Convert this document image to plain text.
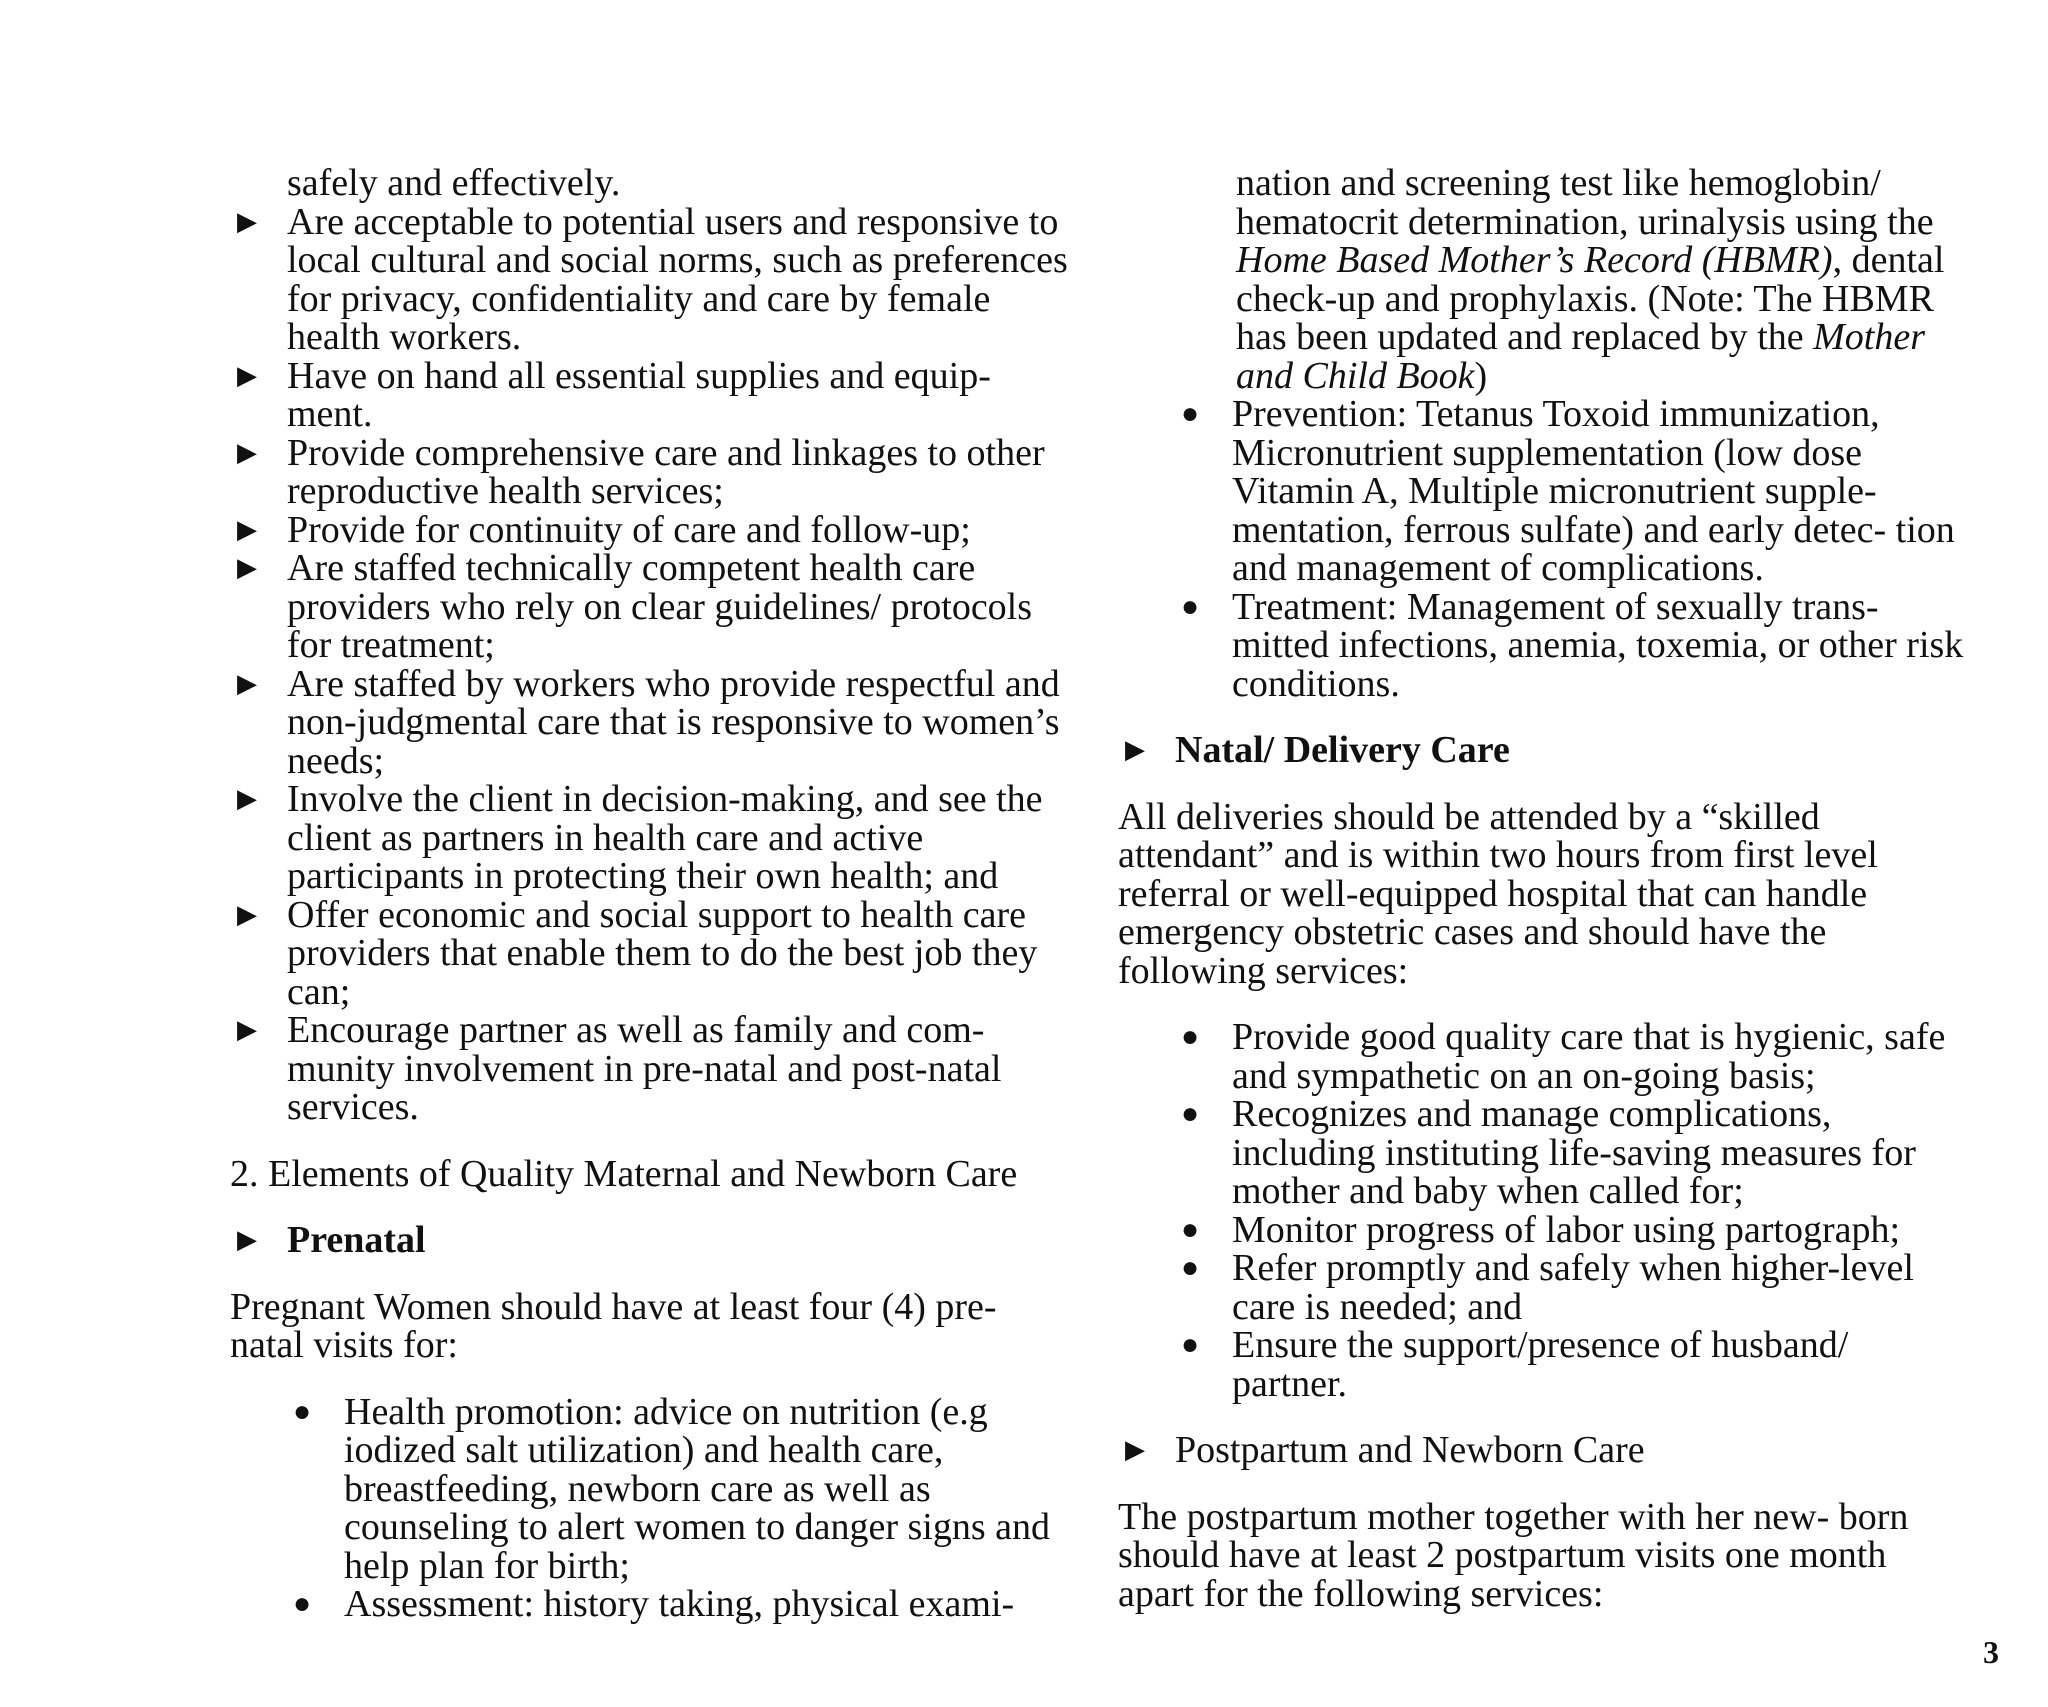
safely and effectively.

▶ Are acceptable to potential users and responsive to local cultural and social norms, such as preferences for privacy, confidentiality and care by female health workers.

▶ Have on hand all essential supplies and equip- ment.

▶ Provide comprehensive care and linkages to other reproductive health services;

▶ Provide for continuity of care and follow-up;

▶ Are staffed technically competent health care providers who rely on clear guidelines/ protocols for treatment;

▶ Are staffed by workers who provide respectful and non-judgmental care that is responsive to women’s needs;

▶ Involve the client in decision-making, and see the client as partners in health care and active participants in protecting their own health; and

▶ Offer economic and social support to health care providers that enable them to do the best job they can;

▶ Encourage partner as well as family and com- munity involvement in pre-natal and post-natal services.

2. Elements of Quality Maternal and Newborn Care

▶ Prenatal

Pregnant Women should have at least four (4) pre- natal visits for:

● Health promotion: advice on nutrition (e.g iodized salt utilization) and health care, breastfeeding, newborn care as well as counseling to alert women to danger signs and help plan for birth;

● Assessment: history taking, physical exami-

nation and screening test like hemoglobin/ hematocrit determination, urinalysis using the Home Based Mother’s Record (HBMR), dental check-up and prophylaxis. (Note: The HBMR has been updated and replaced by the Mother and Child Book)

● Prevention: Tetanus Toxoid immunization, Micronutrient supplementation (low dose Vitamin A, Multiple micronutrient supple- mentation, ferrous sulfate) and early detec- tion and management of complications.

● Treatment: Management of sexually trans- mitted infections, anemia, toxemia, or other risk conditions.

▶ Natal/ Delivery Care

All deliveries should be attended by a “skilled attendant” and is within two hours from first level referral or well-equipped hospital that can handle emergency obstetric cases and should have the following services:

● Provide good quality care that is hygienic, safe and sympathetic on an on-going basis;

● Recognizes and manage complications, including instituting life-saving measures for mother and baby when called for;

● Monitor progress of labor using partograph;

● Refer promptly and safely when higher-level care is needed; and

● Ensure the support/presence of husband/ partner.

▶ Postpartum and Newborn Care

The postpartum mother together with her new- born should have at least 2 postpartum visits one month apart for the following services:

3
